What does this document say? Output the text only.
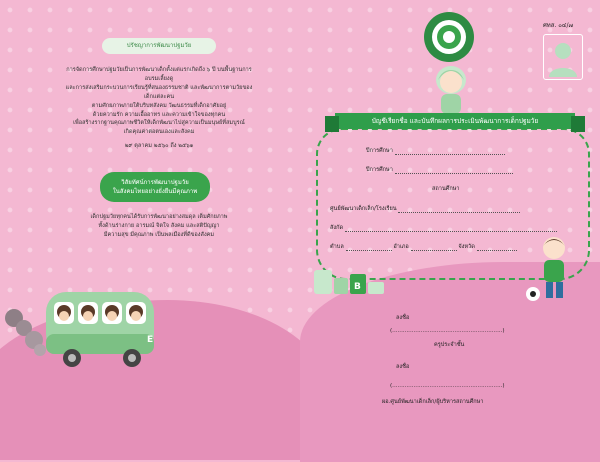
ปรัชญาการพัฒนาปฐมวัย

การจัดการศึกษาปฐมวัยเป็นการพัฒนาเด็กตั้งแต่แรกเกิดถึง ๖ ปี บนพื้นฐานการอบรมเลี้ยงดู
และการส่งเสริมกระบวนการเรียนรู้ที่สนองธรรมชาติ และพัฒนาการตามวัยของเด็กแต่ละคน
ตามศักยภาพภายใต้บริบทสังคม วัฒนธรรมที่เด็กอาศัยอยู่
ด้วยความรัก ความเอื้ออาทร และความเข้าใจของทุกคน
เพื่อสร้างรากฐานคุณภาพชีวิตให้เด็กพัฒนาไปสู่ความเป็นมนุษย์ที่สมบูรณ์
เกิดคุณค่าต่อตนเองและสังคม

๒๙ ตุลาคม ๒๕๖๐ ถึง ๒๕๖๑

วิสัยทัศน์การพัฒนาปฐมวัย
ในสังคมไทยอย่างยั่งยืนมีคุณภาพ

เด็กปฐมวัยทุกคนได้รับการพัฒนาอย่างสมดุล เต็มศักยภาพ
ทั้งด้านร่างกาย อารมณ์ จิตใจ สังคม และสติปัญญา
มีความสุข มีคุณภาพ เป็นพลเมืองที่ดีของสังคม

E
ศทส. ๐๔/๗
บัญชีเรียกชื่อ และบันทึกผลการประเมินพัฒนาการเด็กปฐมวัย
ปีการศึกษา
ปีการศึกษา
สถานศึกษา
ศูนย์พัฒนาเด็กเล็ก/โรงเรียน
สังกัด
ตำบล	อำเภอ	จังหวัด
B
ลงชื่อ
(..............................................................)
ครูประจำชั้น
ลงชื่อ
(..............................................................)
ผอ.ศูนย์พัฒนาเด็กเล็ก/ผู้บริหารสถานศึกษา
